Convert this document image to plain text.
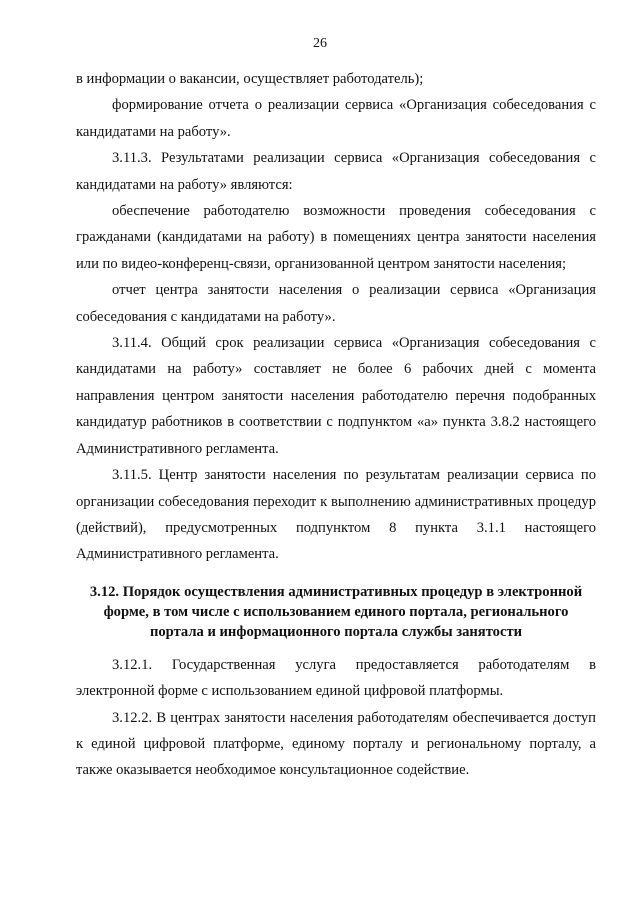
26

в информации о вакансии, осуществляет работодатель);

формирование отчета о реализации сервиса «Организация собеседования с кандидатами на работу».

3.11.3. Результатами реализации сервиса «Организация собеседования с кандидатами на работу» являются:

обеспечение работодателю возможности проведения собеседования с гражданами (кандидатами на работу) в помещениях центра занятости населения или по видео-конференц-связи, организованной центром занятости населения;

отчет центра занятости населения о реализации сервиса «Организация собеседования с кандидатами на работу».

3.11.4. Общий срок реализации сервиса «Организация собеседования с кандидатами на работу» составляет не более 6 рабочих дней с момента направления центром занятости населения работодателю перечня подобранных кандидатур работников в соответствии с подпунктом «а» пункта 3.8.2 настоящего Административного регламента.

3.11.5. Центр занятости населения по результатам реализации сервиса по организации собеседования переходит к выполнению административных процедур (действий), предусмотренных подпунктом 8 пункта 3.1.1 настоящего Административного регламента.

3.12. Порядок осуществления административных процедур в электронной форме, в том числе с использованием единого портала, регионального портала и информационного портала службы занятости

3.12.1. Государственная услуга предоставляется работодателям в электронной форме с использованием единой цифровой платформы.

3.12.2. В центрах занятости населения работодателям обеспечивается доступ к единой цифровой платформе, единому порталу и региональному порталу, а также оказывается необходимое консультационное содействие.
